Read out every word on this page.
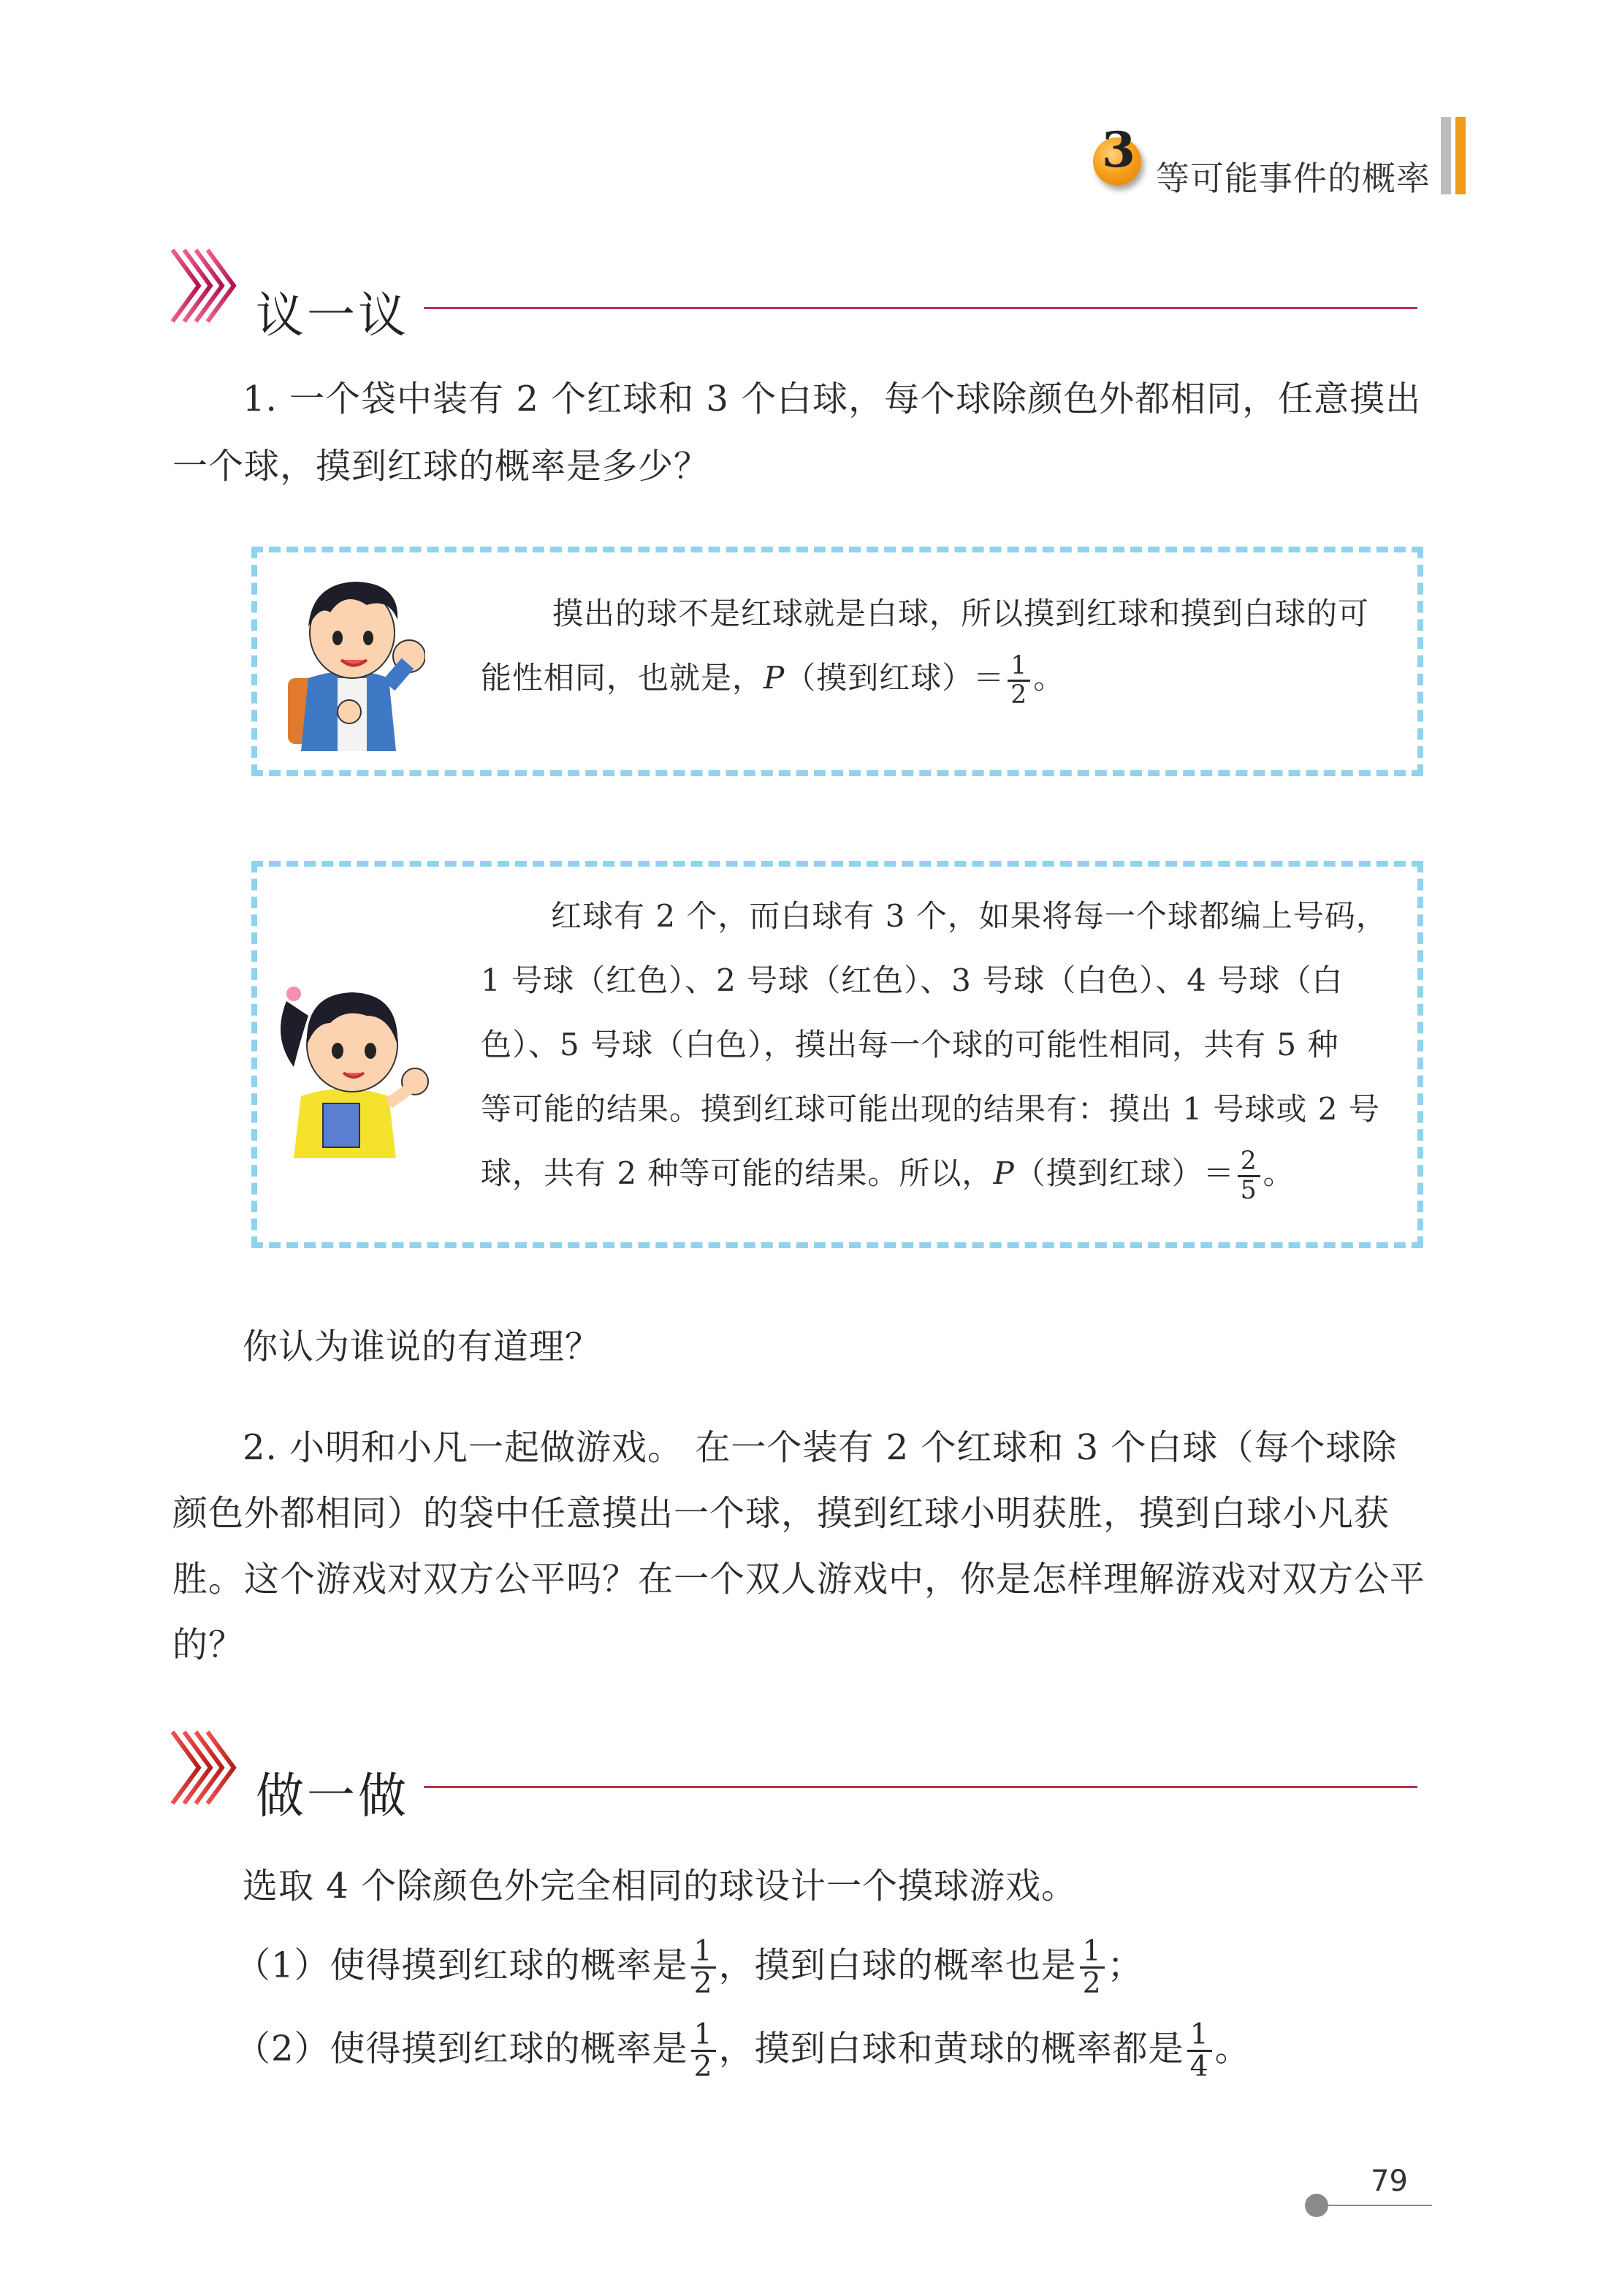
3 等可能事件的概率
议一议
1. 一个袋中装有 2 个红球和 3 个白球，每个球除颜色外都相同，任意摸出一个球，摸到红球的概率是多少？
摸出的球不是红球就是白球，所以摸到红球和摸到白球的可
能性相同，也就是，P（摸到红球）＝ $\frac{1}{2}$ 。
红球有 2 个，而白球有 3 个，如果将每一个球都编上号码，
1 号球（红色）、2 号球（红色）、3 号球（白色）、4 号球（白
色）、5 号球（白色），摸出每一个球的可能性相同，共有 5 种
等可能的结果。摸到红球可能出现的结果有：摸出 1 号球或 2 号
球，共有 2 种等可能的结果。所以，P（摸到红球）＝ $\frac{2}{5}$ 。
你认为谁说的有道理？
2. 小明和小凡一起做游戏。 在一个装有 2 个红球和 3 个白球（每个球除颜色外都相同）的袋中任意摸出一个球，摸到红球小明获胜，摸到白球小凡获胜。这个游戏对双方公平吗？在一个双人游戏中，你是怎样理解游戏对双方公平的？
做一做
选取 4 个除颜色外完全相同的球设计一个摸球游戏。
（1）使得摸到红球的概率是 $\frac{1}{2}$ ，摸到白球的概率也是 $\frac{1}{2}$ ；
（2）使得摸到红球的概率是 $\frac{1}{2}$ ，摸到白球和黄球的概率都是 $\frac{1}{4}$ 。
79
